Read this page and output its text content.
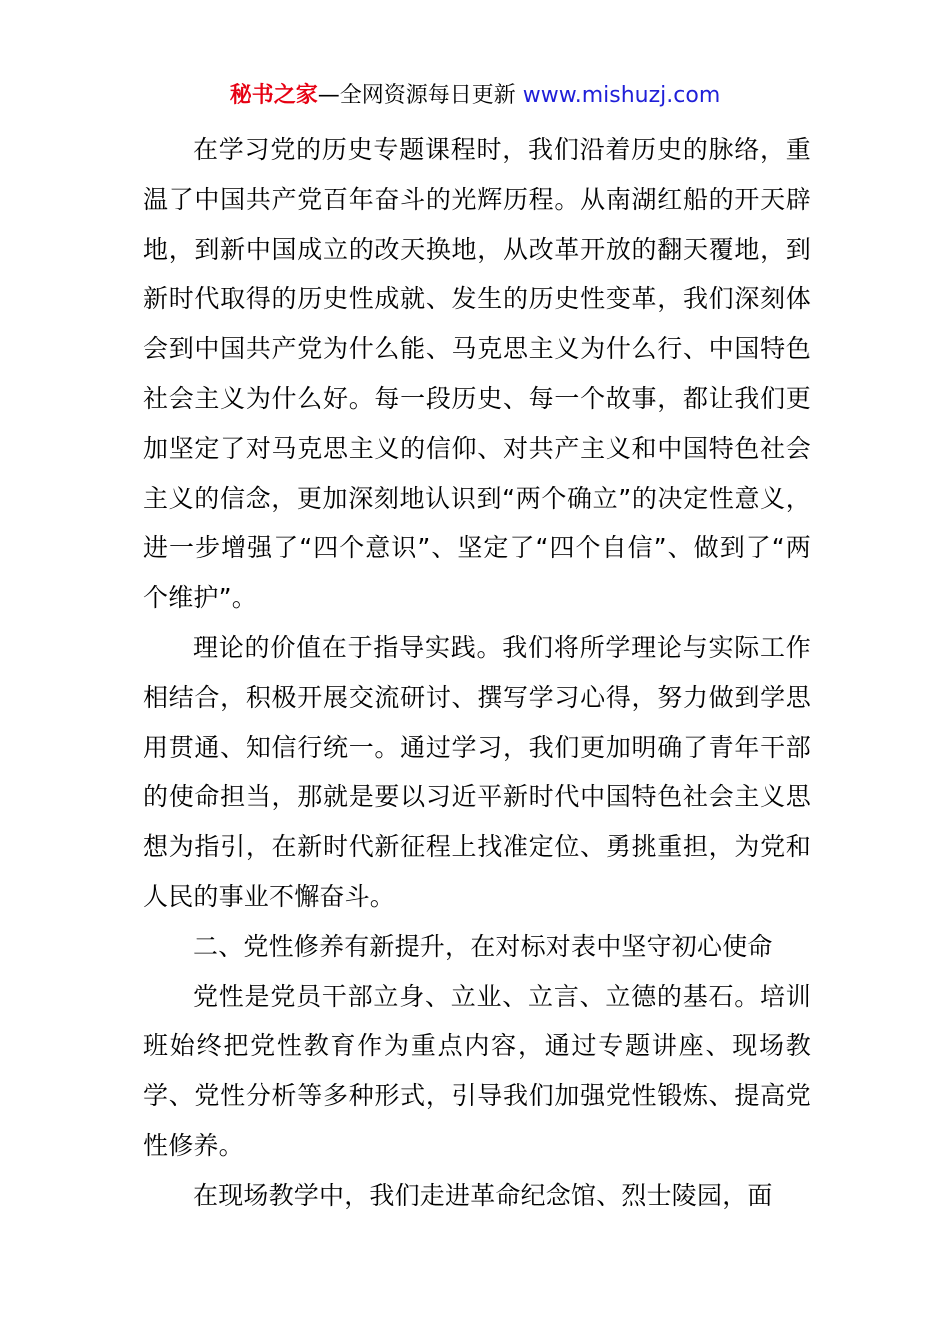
秘书之家—全网资源每日更新 www.mishuzj.com

在学习党的历史专题课程时，我们沿着历史的脉络，重温了中国共产党百年奋斗的光辉历程。从南湖红船的开天辟地，到新中国成立的改天换地，从改革开放的翻天覆地，到新时代取得的历史性成就、发生的历史性变革，我们深刻体会到中国共产党为什么能、马克思主义为什么行、中国特色社会主义为什么好。每一段历史、每一个故事，都让我们更加坚定了对马克思主义的信仰、对共产主义和中国特色社会主义的信念，更加深刻地认识到“两个确立”的决定性意义，进一步增强了“四个意识”、坚定了“四个自信”、做到了“两个维护”。

理论的价值在于指导实践。我们将所学理论与实际工作相结合，积极开展交流研讨、撰写学习心得，努力做到学思用贯通、知信行统一。通过学习，我们更加明确了青年干部的使命担当，那就是要以习近平新时代中国特色社会主义思想为指引，在新时代新征程上找准定位、勇挑重担，为党和人民的事业不懈奋斗。

二、党性修养有新提升，在对标对表中坚守初心使命

党性是党员干部立身、立业、立言、立德的基石。培训班始终把党性教育作为重点内容，通过专题讲座、现场教学、党性分析等多种形式，引导我们加强党性锻炼、提高党性修养。

在现场教学中，我们走进革命纪念馆、烈士陵园，面
